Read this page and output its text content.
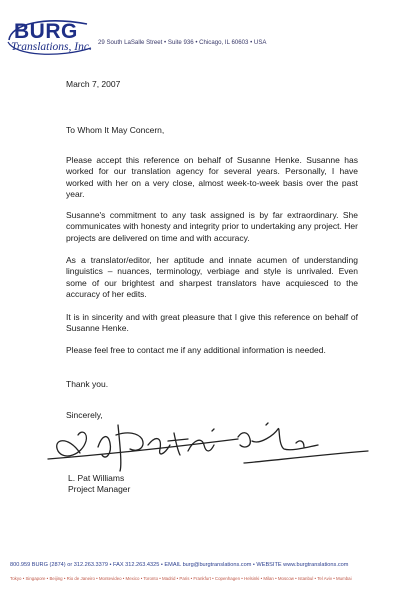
BURG
Translations, Inc. 29 South LaSalle Street • Suite 936 • Chicago, IL 60603 • USA
March 7, 2007
To Whom It May Concern,

Please accept this reference on behalf of Susanne Henke. Susanne has worked for our translation agency for several years. Personally, I have worked with her on a very close, almost week-to-week basis over the past year.

Susanne's commitment to any task assigned is by far extraordinary. She communicates with honesty and integrity prior to undertaking any project. Her projects are delivered on time and with accuracy.

As a translator/editor, her aptitude and innate acumen of understanding linguistics – nuances, terminology, verbiage and style is unrivaled. Even some of our brightest and sharpest translators have acquiesced to the accuracy of her edits.

It is in sincerity and with great pleasure that I give this reference on behalf of Susanne Henke.

Please feel free to contact me if any additional information is needed.

Thank you.
Sincerely,
L. Pat Williams
Project Manager
800.959 BURG (2874) or 312.263.3379 • FAX 312.263.4325 • EMAIL burg@burgtranslations.com • WEBSITE www.burgtranslations.com
Tokyo • Singapore • Beijing • Rio de Janeiro • Montevideo • Mexico • Toronto • Madrid • Paris • Frankfurt • Copenhagen • Helsinki • Milan • Moscow • Istanbul • Tel Aviv • Mumbai
